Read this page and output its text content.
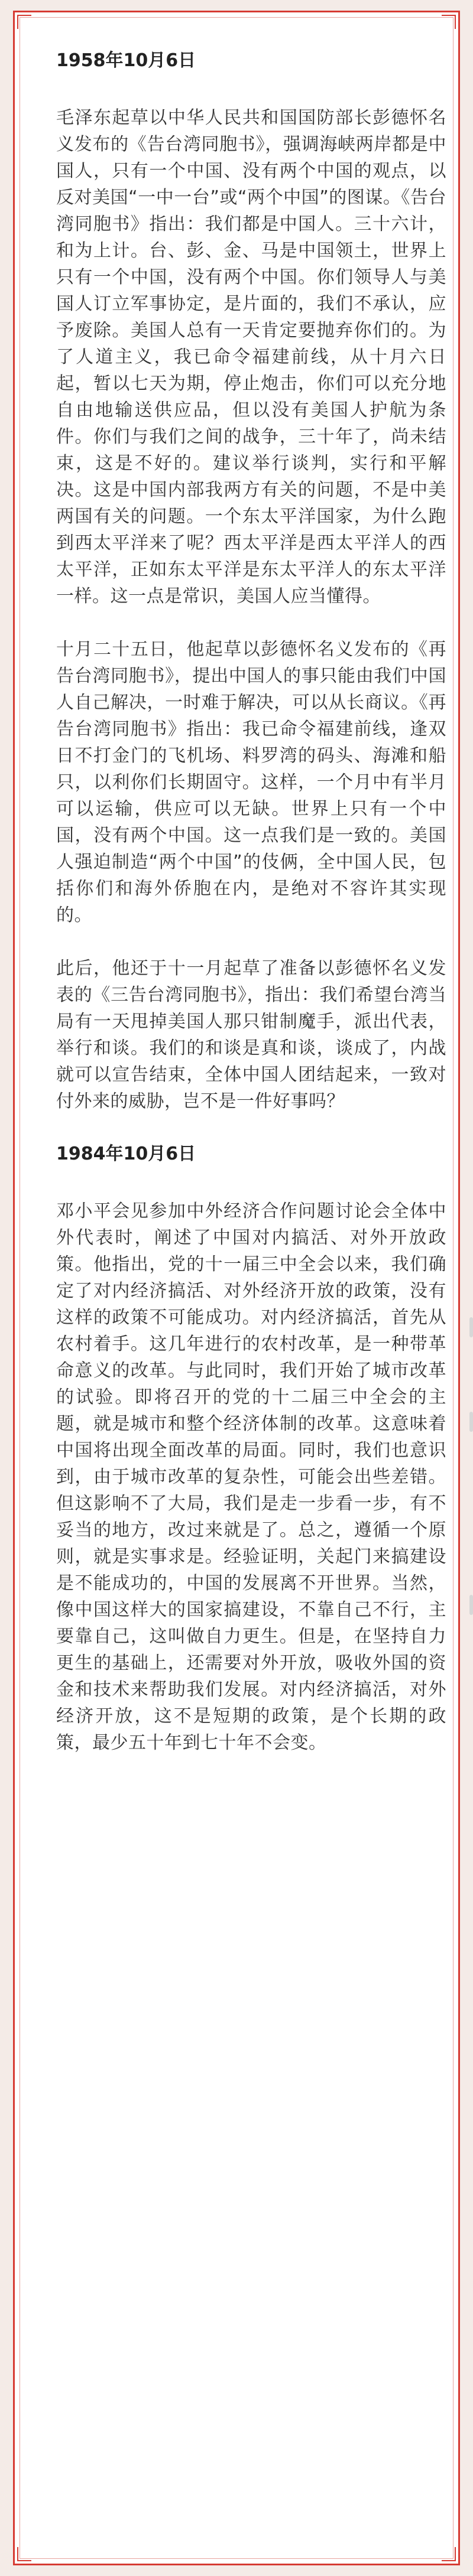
1958年10月6日

毛泽东起草以中华人民共和国国防部长彭德怀名义发布的《告台湾同胞书》，强调海峡两岸都是中国人，只有一个中国、没有两个中国的观点，以反对美国“一中一台”或“两个中国”的图谋。《告台湾同胞书》指出：我们都是中国人。三十六计，和为上计。台、彭、金、马是中国领土，世界上只有一个中国，没有两个中国。你们领导人与美国人订立军事协定，是片面的，我们不承认，应予废除。美国人总有一天肯定要抛弃你们的。为了人道主义，我已命令福建前线，从十月六日起，暂以七天为期，停止炮击，你们可以充分地自由地输送供应品，但以没有美国人护航为条件。你们与我们之间的战争，三十年了，尚未结束，这是不好的。建议举行谈判，实行和平解决。这是中国内部我两方有关的问题，不是中美两国有关的问题。一个东太平洋国家，为什么跑到西太平洋来了呢？西太平洋是西太平洋人的西太平洋，正如东太平洋是东太平洋人的东太平洋一样。这一点是常识，美国人应当懂得。

十月二十五日，他起草以彭德怀名义发布的《再告台湾同胞书》，提出中国人的事只能由我们中国人自己解决，一时难于解决，可以从长商议。《再告台湾同胞书》指出：我已命令福建前线，逢双日不打金门的飞机场、料罗湾的码头、海滩和船只，以利你们长期固守。这样，一个月中有半月可以运输，供应可以无缺。世界上只有一个中国，没有两个中国。这一点我们是一致的。美国人强迫制造“两个中国”的伎俩，全中国人民，包括你们和海外侨胞在内，是绝对不容许其实现的。

此后，他还于十一月起草了准备以彭德怀名义发表的《三告台湾同胞书》，指出：我们希望台湾当局有一天甩掉美国人那只钳制魔手，派出代表，举行和谈。我们的和谈是真和谈，谈成了，内战就可以宣告结束，全体中国人团结起来，一致对付外来的威胁，岂不是一件好事吗？

1984年10月6日

邓小平会见参加中外经济合作问题讨论会全体中外代表时，阐述了中国对内搞活、对外开放政策。他指出，党的十一届三中全会以来，我们确定了对内经济搞活、对外经济开放的政策，没有这样的政策不可能成功。对内经济搞活，首先从农村着手。这几年进行的农村改革，是一种带革命意义的改革。与此同时，我们开始了城市改革的试验。即将召开的党的十二届三中全会的主题，就是城市和整个经济体制的改革。这意味着中国将出现全面改革的局面。同时，我们也意识到，由于城市改革的复杂性，可能会出些差错。但这影响不了大局，我们是走一步看一步，有不妥当的地方，改过来就是了。总之，遵循一个原则，就是实事求是。经验证明，关起门来搞建设是不能成功的，中国的发展离不开世界。当然，像中国这样大的国家搞建设，不靠自己不行，主要靠自己，这叫做自力更生。但是，在坚持自力更生的基础上，还需要对外开放，吸收外国的资金和技术来帮助我们发展。对内经济搞活，对外经济开放，这不是短期的政策，是个长期的政策，最少五十年到七十年不会变。
